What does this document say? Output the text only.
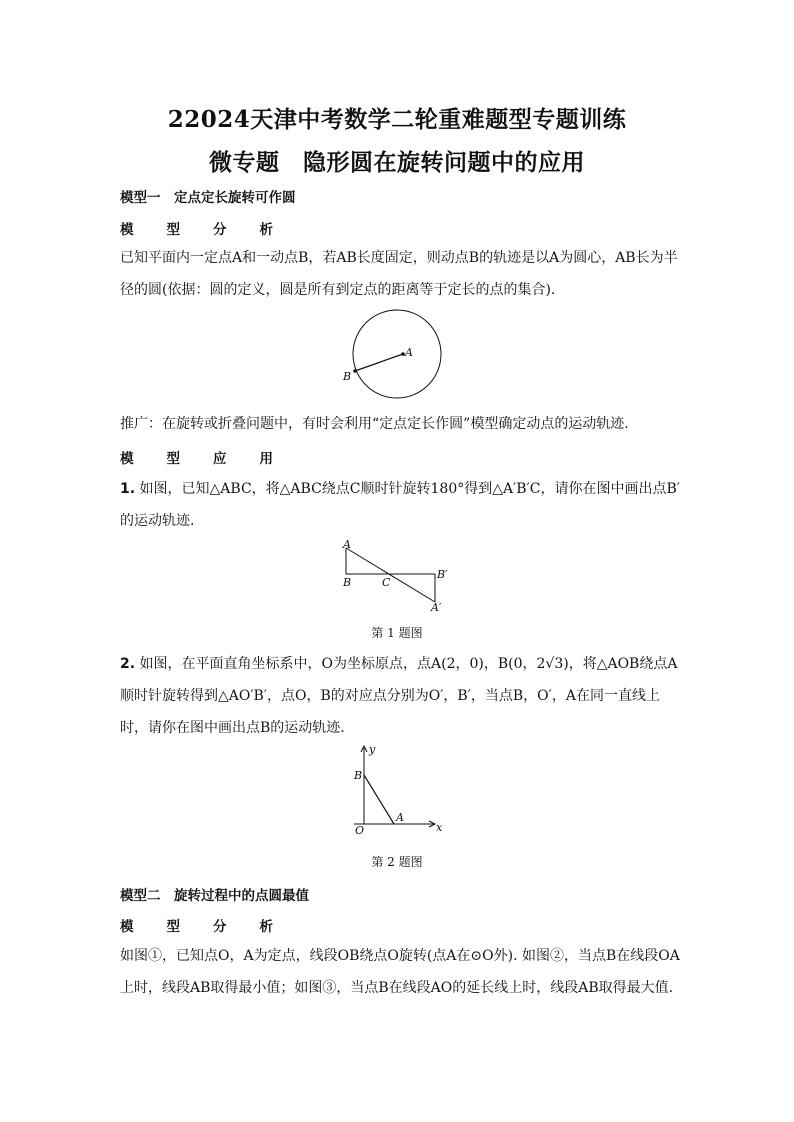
22024天津中考数学二轮重难题型专题训练
微专题　隐形圆在旋转问题中的应用
模型一　定点定长旋转可作圆
模型分析
已知平面内一定点A和一动点B，若AB长度固定，则动点B的轨迹是以A为圆心，AB长为半径的圆(依据：圆的定义，圆是所有到定点的距离等于定长的点的集合).
A
B
推广：在旋转或折叠问题中，有时会利用“定点定长作圆”模型确定动点的运动轨迹.
模型应用
1. 如图，已知△ABC，将△ABC绕点C顺时针旋转180°得到△A′B′C，请你在图中画出点B′的运动轨迹.
A
B	C
B′
A′
第 1 题图
2. 如图，在平面直角坐标系中，O为坐标原点，点A(2，0)，B(0，2√3)，将△AOB绕点A顺时针旋转得到△AO′B′，点O，B的对应点分别为O′，B′，当点B，O′，A在同一直线上时，请你在图中画出点B的运动轨迹.
y
x
B
A
O
第 2 题图
模型二　旋转过程中的点圆最值
模型分析
如图①，已知点O，A为定点，线段OB绕点O旋转(点A在⊙O外). 如图②，当点B在线段OA上时，线段AB取得最小值；如图③，当点B在线段AO的延长线上时，线段AB取得最大值.
